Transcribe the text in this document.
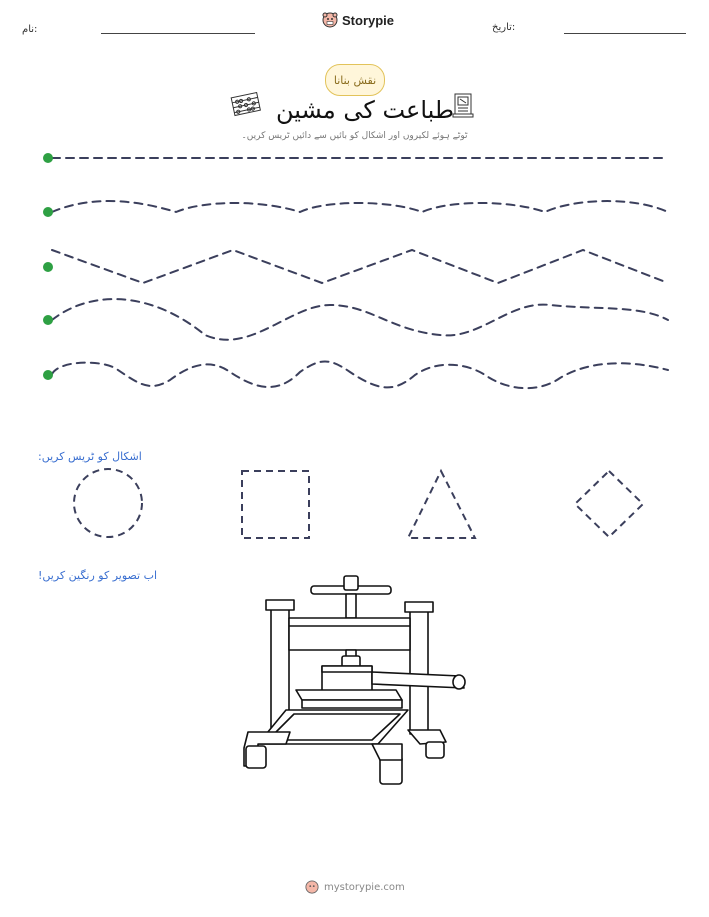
نام:	تاریخ:
Storypie
نقش بنانا
طباعت کی مشین
ٹوٹے ہوئے لکیروں اور اشکال کو بائیں سے دائیں ٹریس کریں۔
اشکال کو ٹریس کریں:
اب تصویر کو رنگین کریں!
mystorypie.com
